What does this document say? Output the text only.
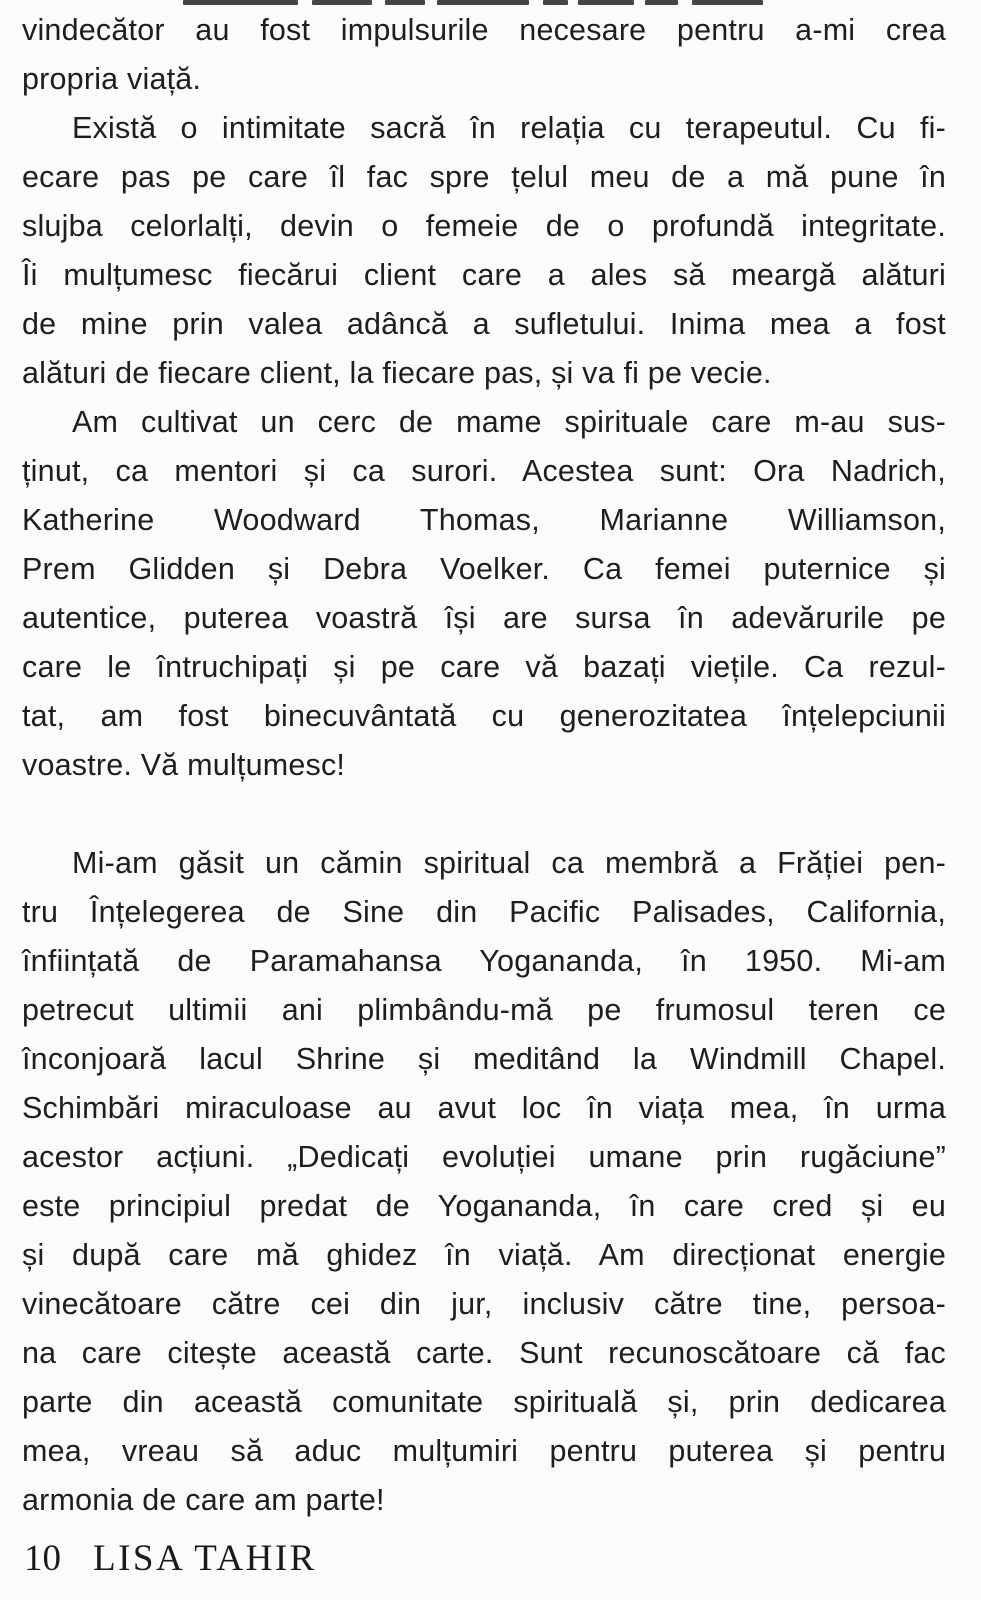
vindecător au fost impulsurile necesare pentru a-mi crea
propria viață.
Există o intimitate sacră în relația cu terapeutul. Cu fi-
ecare pas pe care îl fac spre țelul meu de a mă pune în
slujba celorlalți, devin o femeie de o profundă integritate.
Îi mulțumesc fiecărui client care a ales să meargă alături
de mine prin valea adâncă a sufletului. Inima mea a fost
alături de fiecare client, la fiecare pas, și va fi pe vecie.
Am cultivat un cerc de mame spirituale care m-au sus-
ținut, ca mentori și ca surori. Acestea sunt: Ora Nadrich,
Katherine Woodward Thomas, Marianne Williamson,
Prem Glidden și Debra Voelker. Ca femei puternice și
autentice, puterea voastră își are sursa în adevărurile pe
care le întruchipați și pe care vă bazați viețile. Ca rezul-
tat, am fost binecuvântată cu generozitatea înțelepciunii
voastre. Vă mulțumesc!
Mi-am găsit un cămin spiritual ca membră a Frăției pen-
tru Înțelegerea de Sine din Pacific Palisades, California,
înființată de Paramahansa Yogananda, în 1950. Mi-am
petrecut ultimii ani plimbându-mă pe frumosul teren ce
înconjoară lacul Shrine și meditând la Windmill Chapel.
Schimbări miraculoase au avut loc în viața mea, în urma
acestor acțiuni. „Dedicați evoluției umane prin rugăciune”
este principiul predat de Yogananda, în care cred și eu
și după care mă ghidez în viață. Am direcționat energie
vinecătoare către cei din jur, inclusiv către tine, persoa-
na care citește această carte. Sunt recunoscătoare că fac
parte din această comunitate spirituală și, prin dedicarea
mea, vreau să aduc mulțumiri pentru puterea și pentru
armonia de care am parte!
10 LISA TAHIR
